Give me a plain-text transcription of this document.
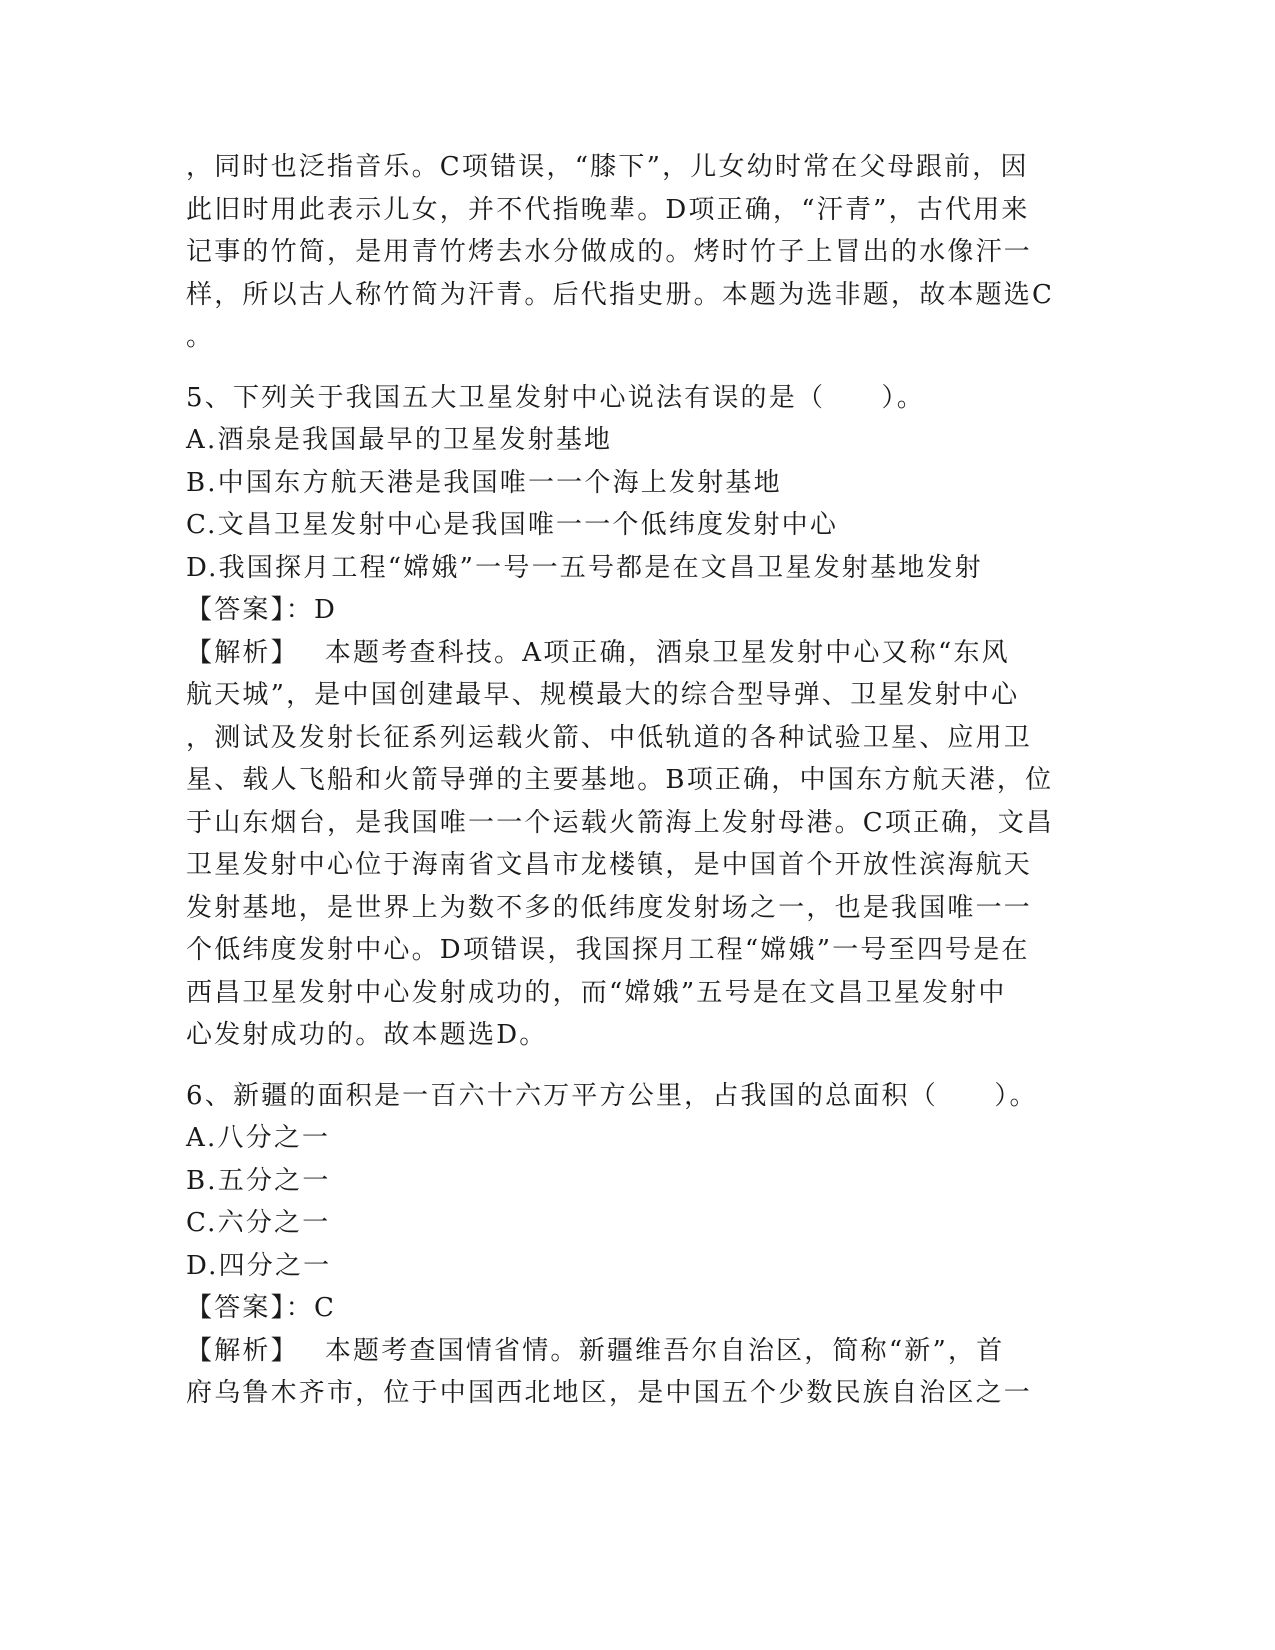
，同时也泛指音乐。C项错误，“膝下”，儿女幼时常在父母跟前，因
此旧时用此表示儿女，并不代指晚辈。D项正确，“汗青”，古代用来
记事的竹简，是用青竹烤去水分做成的。烤时竹子上冒出的水像汗一
样，所以古人称竹简为汗青。后代指史册。本题为选非题，故本题选C
。
5、下列关于我国五大卫星发射中心说法有误的是（　　）。
A.酒泉是我国最早的卫星发射基地
B.中国东方航天港是我国唯一一个海上发射基地
C.文昌卫星发射中心是我国唯一一个低纬度发射中心
D.我国探月工程“嫦娥”一号一五号都是在文昌卫星发射基地发射
【答案】：D
【解析】 本题考查科技。A项正确，酒泉卫星发射中心又称“东风
航天城”，是中国创建最早、规模最大的综合型导弹、卫星发射中心
，测试及发射长征系列运载火箭、中低轨道的各种试验卫星、应用卫
星、载人飞船和火箭导弹的主要基地。B项正确，中国东方航天港，位
于山东烟台，是我国唯一一个运载火箭海上发射母港。C项正确，文昌
卫星发射中心位于海南省文昌市龙楼镇，是中国首个开放性滨海航天
发射基地，是世界上为数不多的低纬度发射场之一，也是我国唯一一
个低纬度发射中心。D项错误，我国探月工程“嫦娥”一号至四号是在
西昌卫星发射中心发射成功的，而“嫦娥”五号是在文昌卫星发射中
心发射成功的。故本题选D。
6、新疆的面积是一百六十六万平方公里，占我国的总面积（　　）。
A.八分之一
B.五分之一
C.六分之一
D.四分之一
【答案】：C
【解析】 本题考查国情省情。新疆维吾尔自治区，简称“新”，首
府乌鲁木齐市，位于中国西北地区，是中国五个少数民族自治区之一
